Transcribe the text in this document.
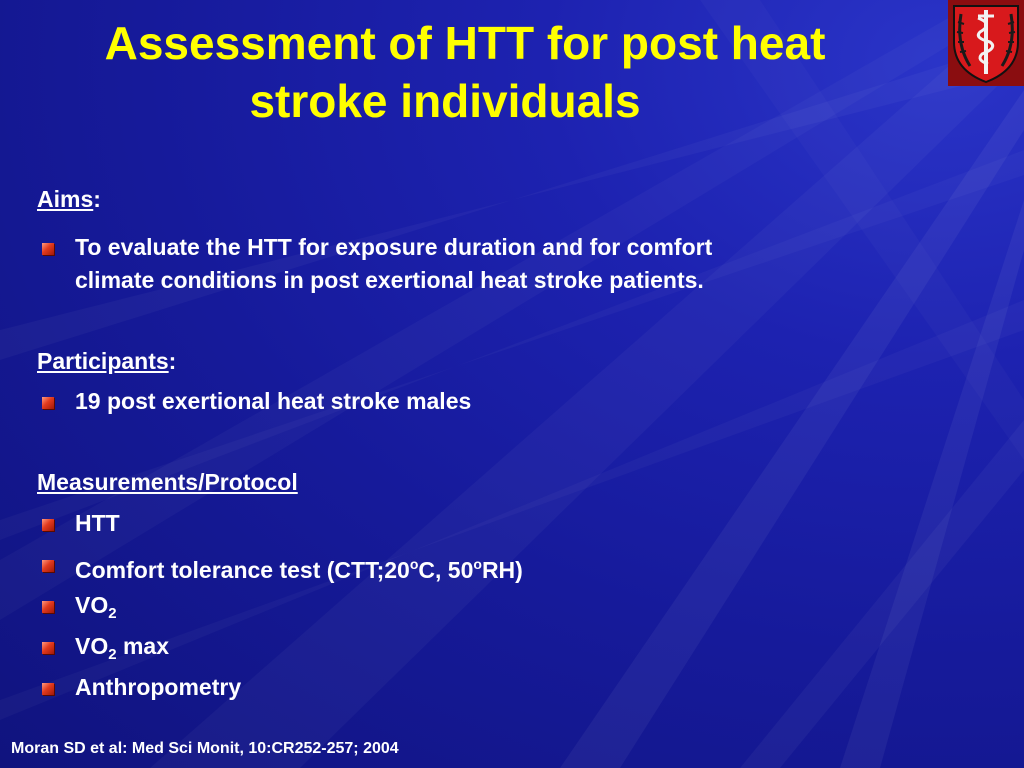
Assessment of HTT for post heat
stroke individuals
Aims:
To evaluate the HTT for exposure duration and for comfort
climate conditions in post exertional heat stroke patients.
Participants:
19 post exertional heat stroke males
Measurements/Protocol
HTT
Comfort tolerance test (CTT;20$^o$C, 50$^o$RH)
$VO_2$
$VO_2$ max
Anthropometry
Moran SD et al: Med Sci Monit, 10:CR252-257; 2004
